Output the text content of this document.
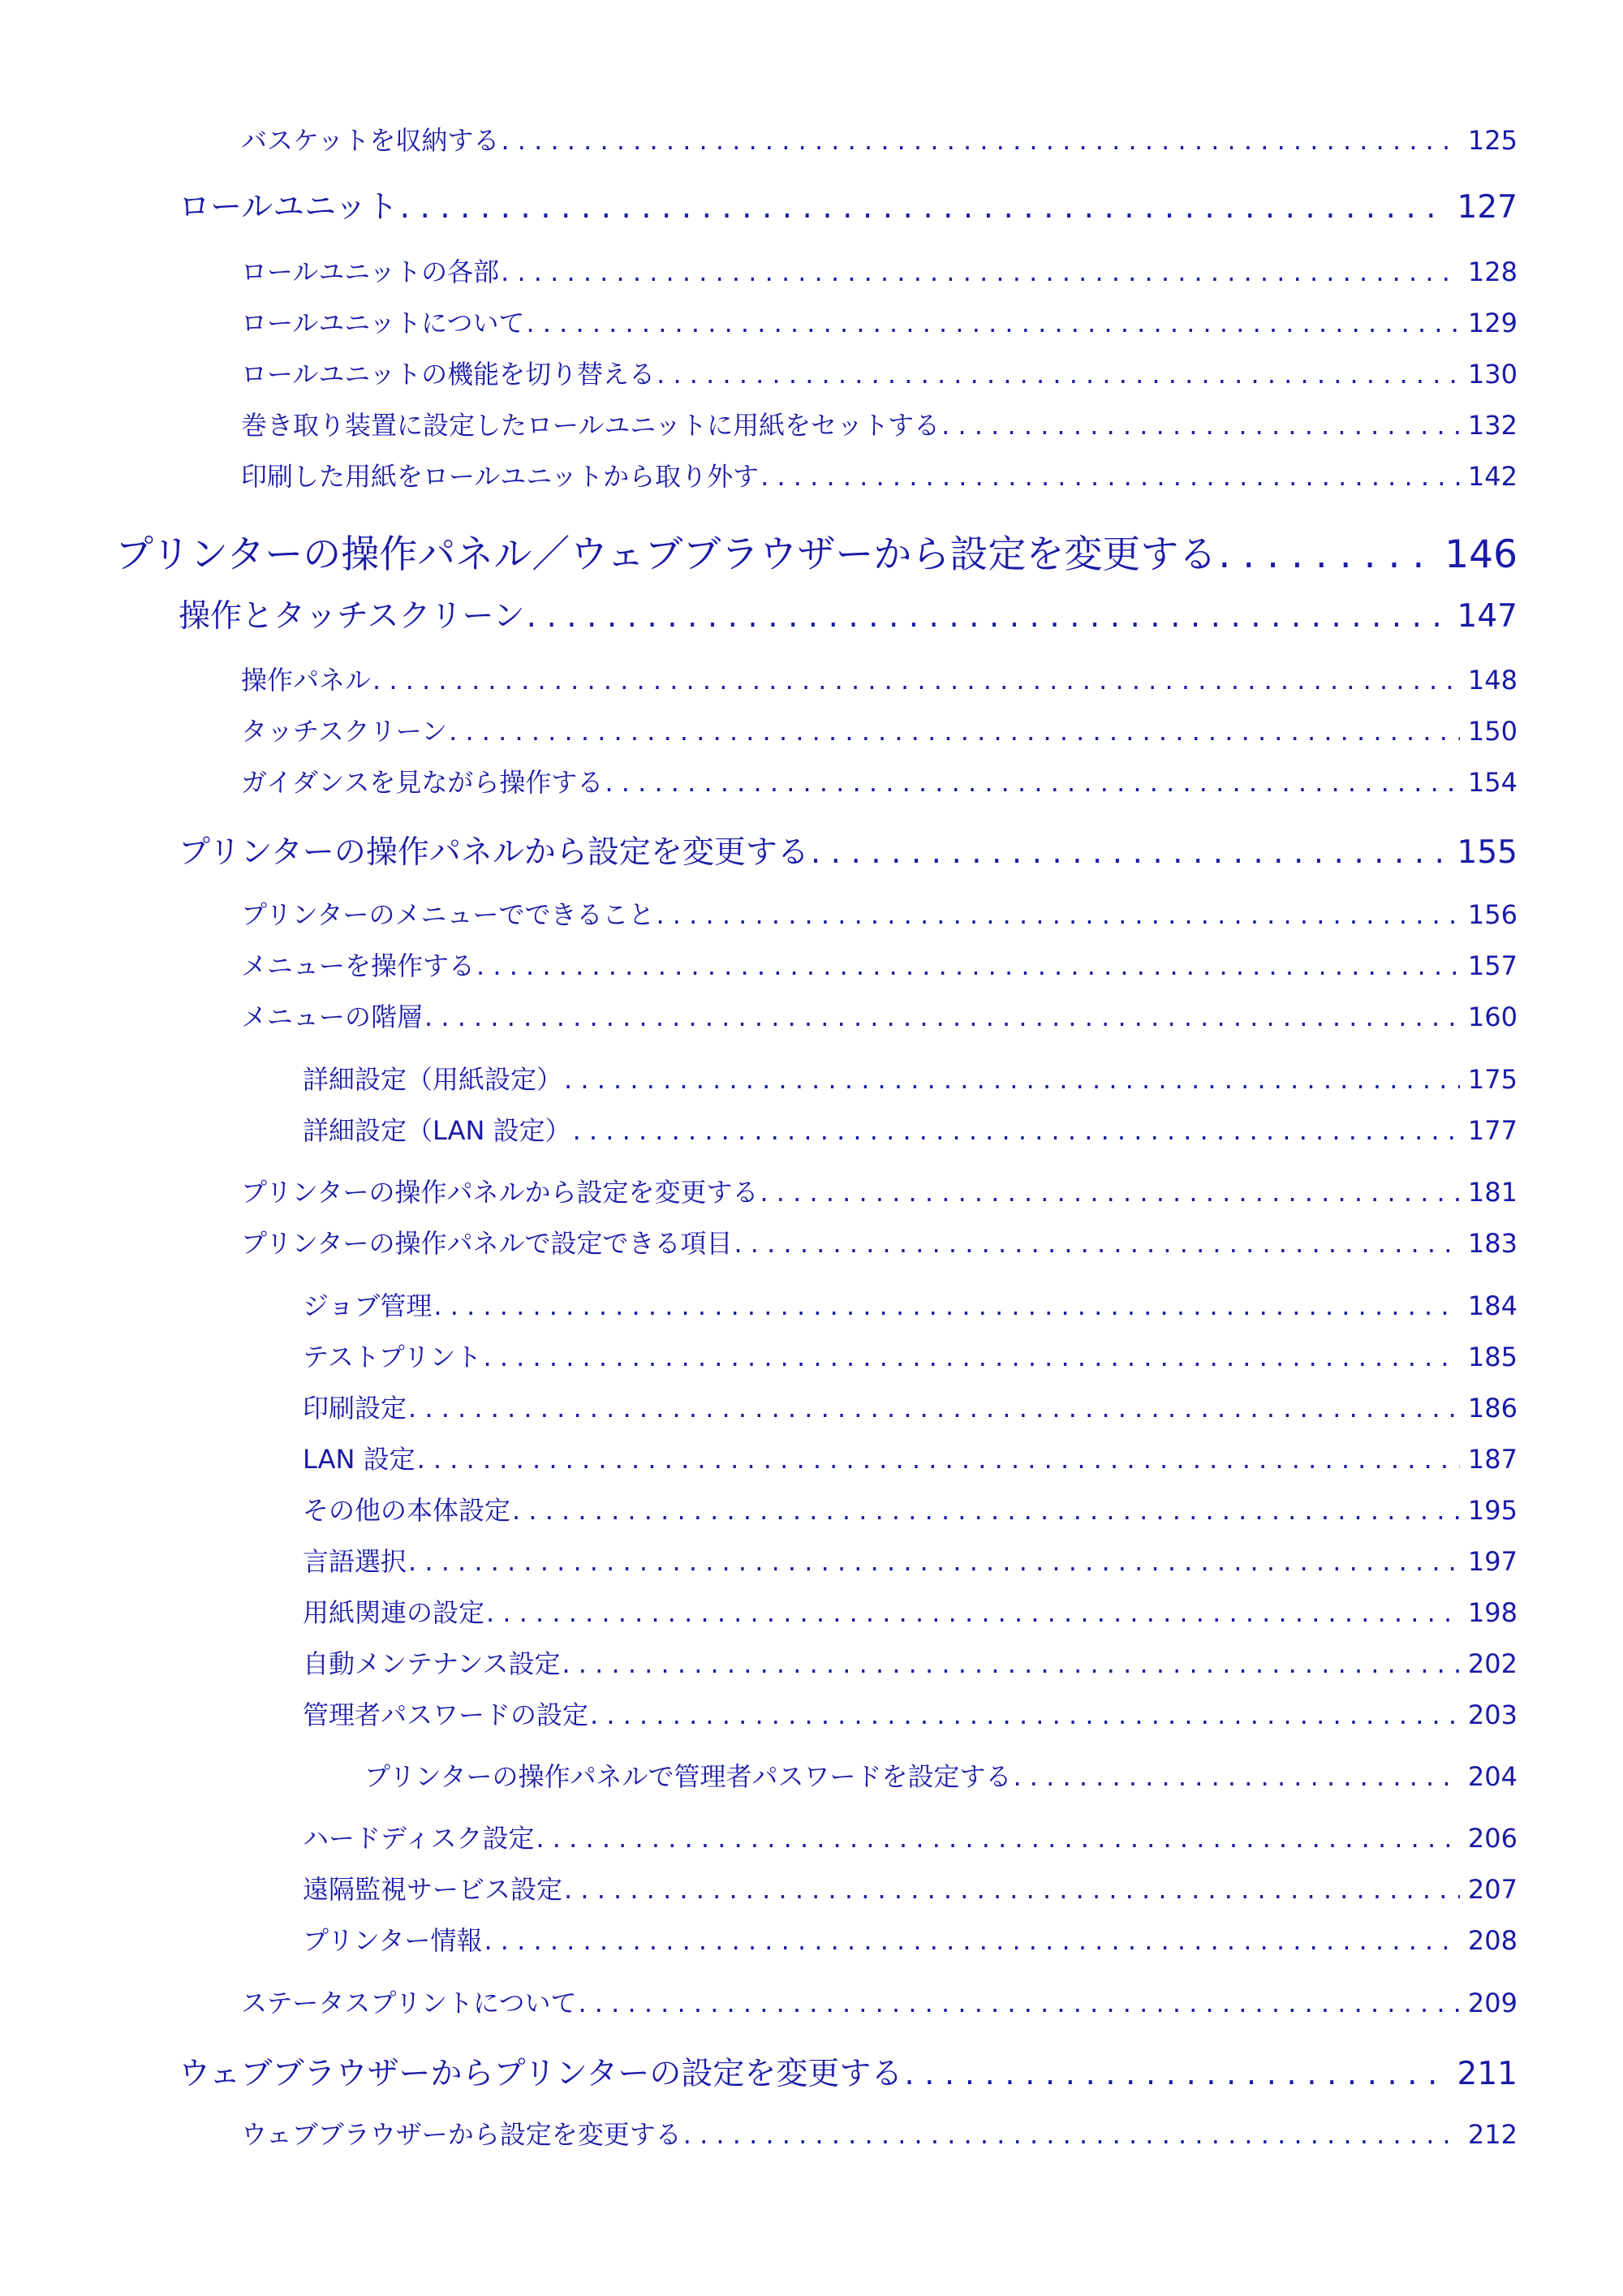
バスケットを収納する . . .	125
ロールユニット . . .	127
ロールユニットの各部 . . .	128
ロールユニットについて . . .	129
ロールユニットの機能を切り替える . . .	130
巻き取り装置に設定したロールユニットに用紙をセットする . . .	132
印刷した用紙をロールユニットから取り外す . . .	142
プリンターの操作パネル／ウェブブラウザーから設定を変更する . . .	146
操作とタッチスクリーン . . .	147
操作パネル . . .	148
タッチスクリーン . . .	150
ガイダンスを見ながら操作する . . .	154
プリンターの操作パネルから設定を変更する . . .	155
プリンターのメニューでできること . . .	156
メニューを操作する . . .	157
メニューの階層 . . .	160
詳細設定（用紙設定） . . .	175
詳細設定（LAN 設定） . . .	177
プリンターの操作パネルから設定を変更する . . .	181
プリンターの操作パネルで設定できる項目 . . .	183
ジョブ管理 . . .	184
テストプリント . . .	185
印刷設定 . . .	186
LAN 設定 . . .	187
その他の本体設定 . . .	195
言語選択 . . .	197
用紙関連の設定 . . .	198
自動メンテナンス設定 . . .	202
管理者パスワードの設定 . . .	203
プリンターの操作パネルで管理者パスワードを設定する . . .	204
ハードディスク設定 . . .	206
遠隔監視サービス設定 . . .	207
プリンター情報 . . .	208
ステータスプリントについて . . .	209
ウェブブラウザーからプリンターの設定を変更する . . .	211
ウェブブラウザーから設定を変更する . . .	212
